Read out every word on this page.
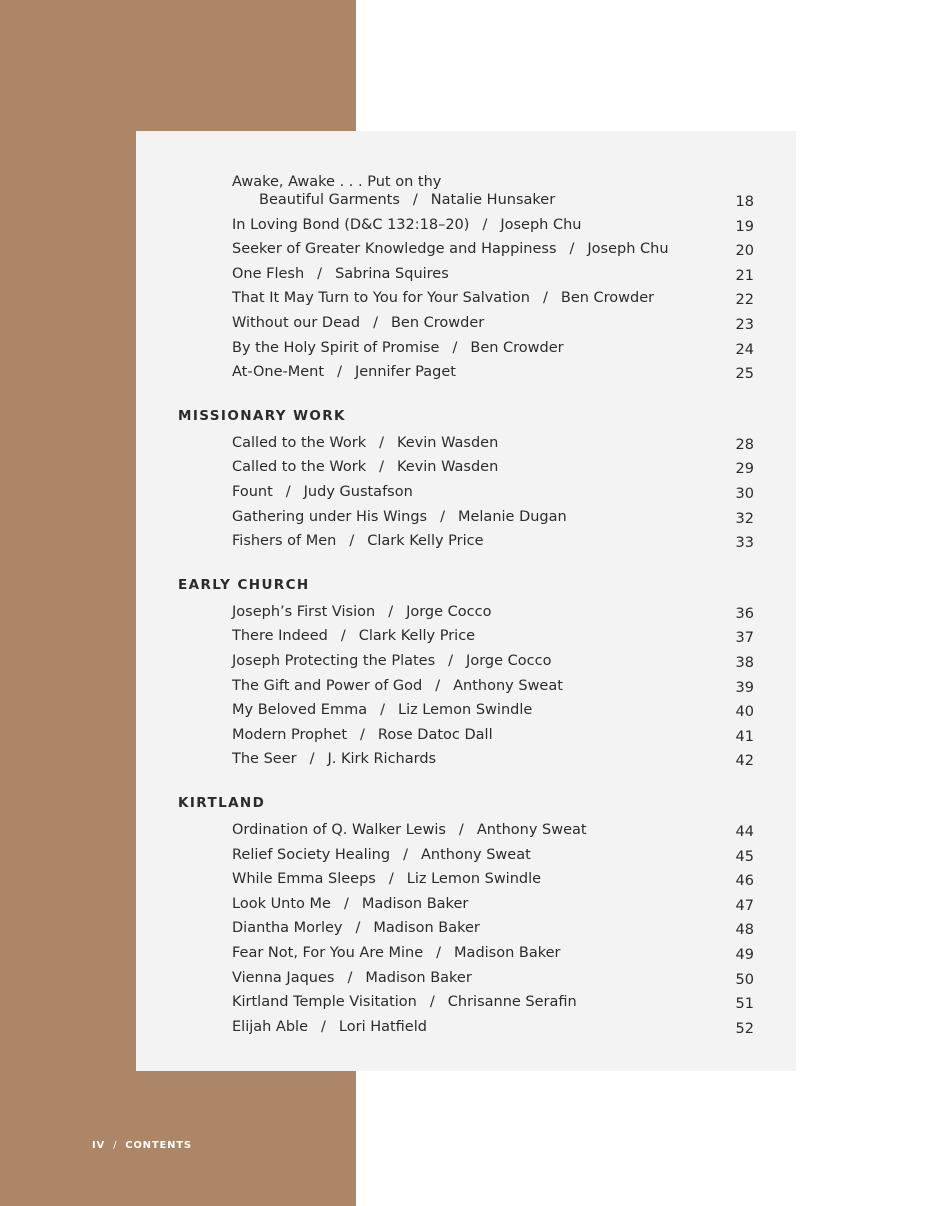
Awake, Awake . . . Put on thy
Beautiful Garments / Natalie Hunsaker	18
In Loving Bond (D&C 132:18–20) / Joseph Chu	19
Seeker of Greater Knowledge and Happiness / Joseph Chu	20
One Flesh / Sabrina Squires	21
That It May Turn to You for Your Salvation / Ben Crowder	22
Without our Dead / Ben Crowder	23
By the Holy Spirit of Promise / Ben Crowder	24
At-One-Ment / Jennifer Paget	25
MISSIONARY WORK
Called to the Work / Kevin Wasden	28
Called to the Work / Kevin Wasden	29
Fount / Judy Gustafson	30
Gathering under His Wings / Melanie Dugan	32
Fishers of Men / Clark Kelly Price	33
EARLY CHURCH
Joseph’s First Vision / Jorge Cocco	36
There Indeed / Clark Kelly Price	37
Joseph Protecting the Plates / Jorge Cocco	38
The Gift and Power of God / Anthony Sweat	39
My Beloved Emma / Liz Lemon Swindle	40
Modern Prophet / Rose Datoc Dall	41
The Seer / J. Kirk Richards	42
KIRTLAND
Ordination of Q. Walker Lewis / Anthony Sweat	44
Relief Society Healing / Anthony Sweat	45
While Emma Sleeps / Liz Lemon Swindle	46
Look Unto Me / Madison Baker	47
Diantha Morley / Madison Baker	48
Fear Not, For You Are Mine / Madison Baker	49
Vienna Jaques / Madison Baker	50
Kirtland Temple Visitation / Chrisanne Serafin	51
Elijah Able / Lori Hatfield	52
IV / CONTENTS
